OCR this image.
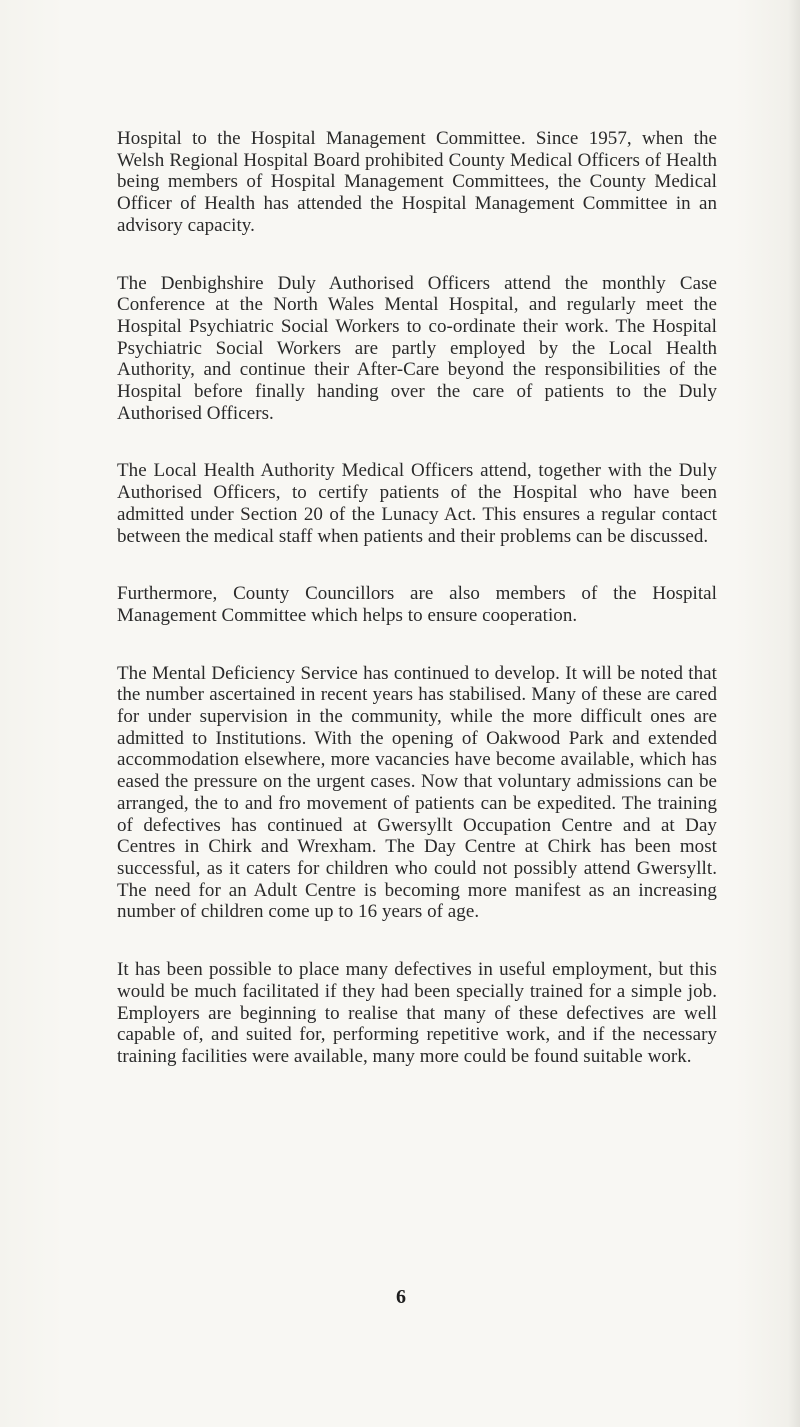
Hospital to the Hospital Management Committee. Since 1957, when the Welsh Regional Hospital Board prohibited County Medical Officers of Health being members of Hospital Management Committees, the County Medical Officer of Health has attended the Hospital Management Committee in an advisory capacity.

The Denbighshire Duly Authorised Officers attend the monthly Case Conference at the North Wales Mental Hospital, and regularly meet the Hospital Psychiatric Social Workers to co-ordinate their work. The Hospital Psychiatric Social Workers are partly employed by the Local Health Authority, and continue their After-Care beyond the responsibilities of the Hospital before finally handing over the care of patients to the Duly Authorised Officers.

The Local Health Authority Medical Officers attend, together with the Duly Authorised Officers, to certify patients of the Hospital who have been admitted under Section 20 of the Lunacy Act. This ensures a regular contact between the medical staff when patients and their problems can be discussed.

Furthermore, County Councillors are also members of the Hospital Management Committee which helps to ensure cooperation.

The Mental Deficiency Service has continued to develop. It will be noted that the number ascertained in recent years has stabilised. Many of these are cared for under supervision in the community, while the more difficult ones are admitted to Institutions. With the opening of Oakwood Park and extended accommodation elsewhere, more vacancies have become available, which has eased the pressure on the urgent cases. Now that voluntary admissions can be arranged, the to and fro movement of patients can be expedited. The training of defectives has continued at Gwersyllt Occupation Centre and at Day Centres in Chirk and Wrexham. The Day Centre at Chirk has been most successful, as it caters for children who could not possibly attend Gwersyllt. The need for an Adult Centre is becoming more manifest as an increasing number of children come up to 16 years of age.

It has been possible to place many defectives in useful employment, but this would be much facilitated if they had been specially trained for a simple job. Employers are beginning to realise that many of these defectives are well capable of, and suited for, performing repetitive work, and if the necessary training facilities were available, many more could be found suitable work.

6
